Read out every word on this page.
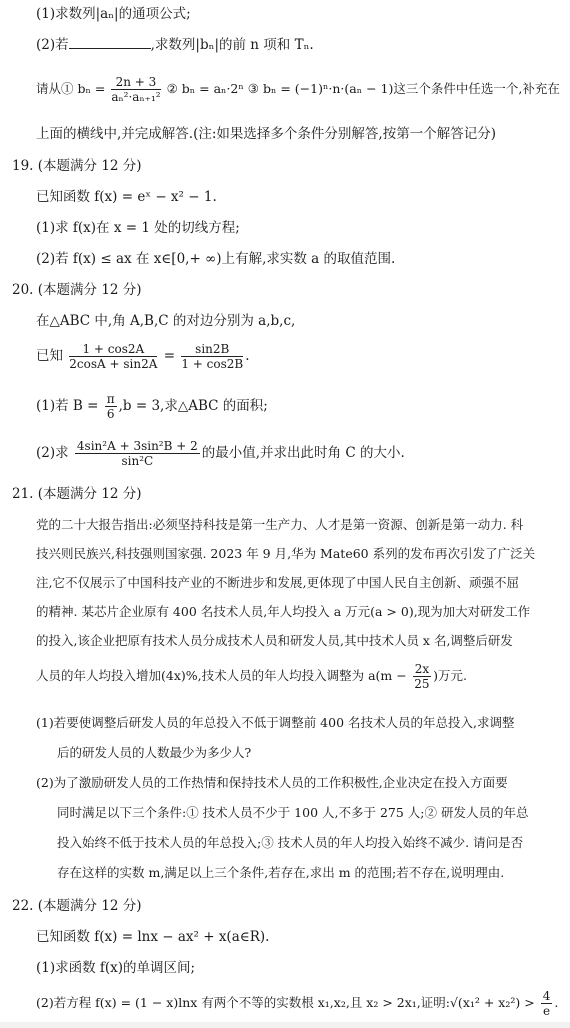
(1)求数列|aₙ|的通项公式;
(2)若	,求数列|bₙ|的前 n 项和 Tₙ.
请从① $b_n = \frac{2n + 3}{\text{aₙ²·aₙ₊₁²}}$ ② bₙ = aₙ·2ⁿ ③ bₙ = (−1)ⁿ·n·(aₙ − 1)这三个条件中任选一个,补充在
上面的横线中,并完成解答.(注:如果选择多个条件分别解答,按第一个解答记分)
19. (本题满分 12 分)
已知函数 f(x) = eˣ − x² − 1.
(1)求 f(x)在 x = 1 处的切线方程;
(2)若 f(x) ≤ ax 在 x∈[0,+ ∞)上有解,求实数 a 的取值范围.
20. (本题满分 12 分)
在△ABC 中,角 A,B,C 的对边分别为 a,b,c,
已知 $\frac{1 + \cos 2A}{2\cos A + \sin 2A} = \frac{\sin 2B}{1 + \cos 2B}$ .
(1)若 $B = \frac{\pi}{6} ,b = 3$,求△ABC 的面积;
(2)求 $\frac{\text{4sin²A + 3sin²B + 2}}{\text{sin²C}}$ 的最小值,并求出此时角 C 的大小.
21. (本题满分 12 分)
党的二十大报告指出:必须坚持科技是第一生产力、人才是第一资源、创新是第一动力. 科
技兴则民族兴,科技强则国家强. 2023 年 9 月,华为 Mate60 系列的发布再次引发了广泛关
注,它不仅展示了中国科技产业的不断进步和发展,更体现了中国人民自主创新、顽强不屈
的精神. 某芯片企业原有 400 名技术人员,年人均投入 a 万元(a > 0),现为加大对研发工作
的投入,该企业把原有技术人员分成技术人员和研发人员,其中技术人员 x 名,调整后研发
人员的年人均投入增加(4x)%,技术人员的年人均投入调整为 $a(m - \frac{2x}{25}$ )万元.
(1)若要使调整后研发人员的年总投入不低于调整前 400 名技术人员的年总投入,求调整
后的研发人员的人数最少为多少人?
(2)为了激励研发人员的工作热情和保持技术人员的工作积极性,企业决定在投入方面要
同时满足以下三个条件:① 技术人员不少于 100 人,不多于 275 人;② 研发人员的年总
投入始终不低于技术人员的年总投入;③ 技术人员的年人均投入始终不减少. 请问是否
存在这样的实数 m,满足以上三个条件,若存在,求出 m 的范围;若不存在,说明理由.
22. (本题满分 12 分)
已知函数 f(x) = lnx − ax² + x(a∈R).
(1)求函数 f(x)的单调区间;
(2)若方程 f(x) = (1 − x)lnx 有两个不等的实数根 x₁,x₂,且 x₂ > 2x₁,证明:√(x₁² + $x_2^2) > \frac{4}{e}$ .
